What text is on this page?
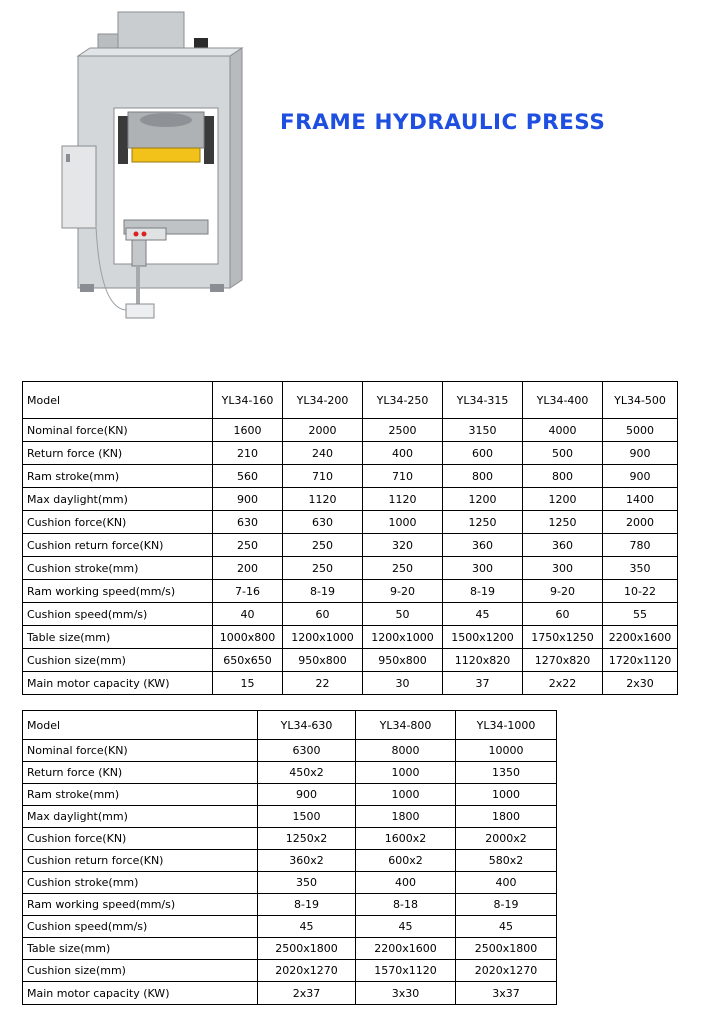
FRAME HYDRAULIC PRESS
Model	YL34-160	YL34-200	YL34-250	YL34-315	YL34-400	YL34-500
Nominal force(KN)	1600	2000	2500	3150	4000	5000
Return force (KN)	210	240	400	600	500	900
Ram stroke(mm)	560	710	710	800	800	900
Max daylight(mm)	900	1120	1120	1200	1200	1400
Cushion force(KN)	630	630	1000	1250	1250	2000
Cushion return force(KN)	250	250	320	360	360	780
Cushion stroke(mm)	200	250	250	300	300	350
Ram working speed(mm/s)	7-16	8-19	9-20	8-19	9-20	10-22
Cushion speed(mm/s)	40	60	50	45	60	55
Table size(mm)	1000x800	1200x1000	1200x1000	1500x1200	1750x1250	2200x1600
Cushion size(mm)	650x650	950x800	950x800	1120x820	1270x820	1720x1120
Main motor capacity (KW)	15	22	30	37	2x22	2x30
Model	YL34-630	YL34-800	YL34-1000
Nominal force(KN)	6300	8000	10000
Return force (KN)	450x2	1000	1350
Ram stroke(mm)	900	1000	1000
Max daylight(mm)	1500	1800	1800
Cushion force(KN)	1250x2	1600x2	2000x2
Cushion return force(KN)	360x2	600x2	580x2
Cushion stroke(mm)	350	400	400
Ram working speed(mm/s)	8-19	8-18	8-19
Cushion speed(mm/s)	45	45	45
Table size(mm)	2500x1800	2200x1600	2500x1800
Cushion size(mm)	2020x1270	1570x1120	2020x1270
Main motor capacity (KW)	2x37	3x30	3x37
